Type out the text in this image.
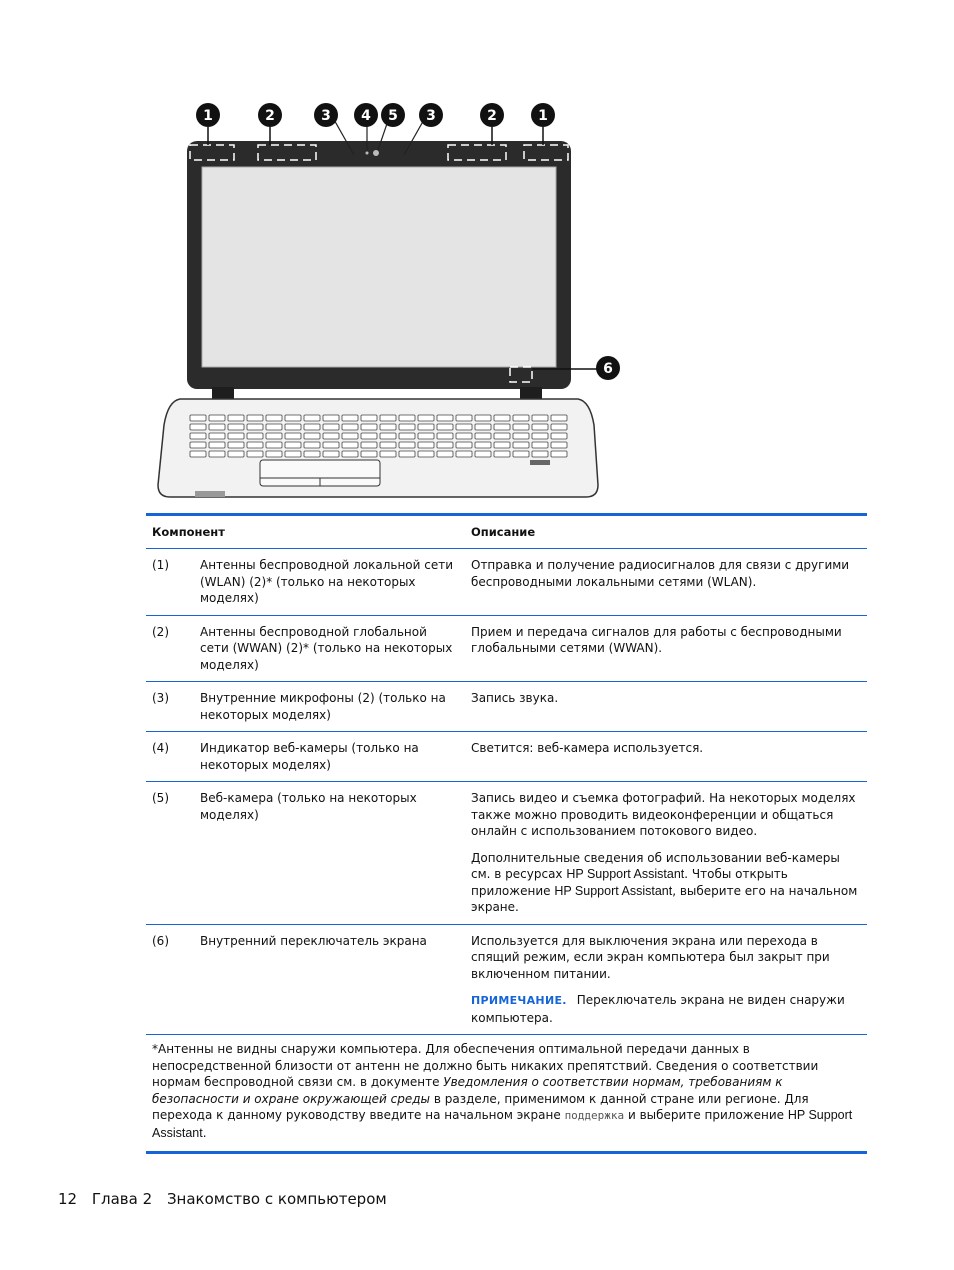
1	2	3 4 5 3	2	1
6
Компонент		Описание

(1)	Антенны беспроводной локальной сети (WLAN) (2)* (только на некоторых моделях)	Отправка и получение радиосигналов для связи с другими беспроводными локальными сетями (WLAN).
(2)	Антенны беспроводной глобальной сети (WWAN) (2)* (только на некоторых моделях)	Прием и передача сигналов для работы с беспроводными глобальными сетями (WWAN).
(3)	Внутренние микрофоны (2) (только на некоторых моделях)	Запись звука.
(4)	Индикатор веб-камеры (только на некоторых моделях)	Светится: веб-камера используется.
(5)	Веб-камера (только на некоторых моделях)	Запись видео и съемка фотографий. На некоторых моделях также можно проводить видеоконференции и общаться онлайн с использованием потокового видео.

Дополнительные сведения об использовании веб-камеры см. в ресурсах HP Support Assistant. Чтобы открыть приложение HP Support Assistant, выберите его на начальном экране.

(6)	Внутренний переключатель экрана	Используется для выключения экрана или перехода в спящий режим, если экран компьютера был закрыт при включенном питании.

ПРИМЕЧАНИЕ. Переключатель экрана не виден снаружи компьютера.

*Антенны не видны снаружи компьютера. Для обеспечения оптимальной передачи данных в непосредственной близости от антенн не должно быть никаких препятствий. Сведения о соответствии нормам беспроводной связи см. в документе Уведомления о соответствии нормам, требованиям к безопасности и охране окружающей среды в разделе, применимом к данной стране или регионе. Для перехода к данному руководству введите на начальном экране поддержка и выберите приложение HP Support Assistant.		
12 Глава 2 Знакомство с компьютером
